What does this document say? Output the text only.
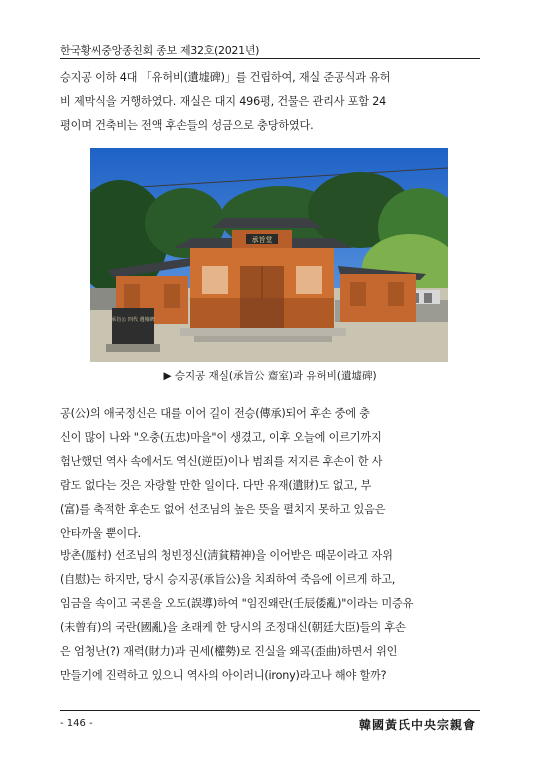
한국황씨중앙종친회 종보 제32호(2021년)

승지공 이하 4대 「유허비(遺墟碑)」를 건립하여, 재실 준공식과 유허
비 제막식을 거행하였다. 재실은 대지 496평, 건물은 관리사 포함 24
평이며 건축비는 전액 후손들의 성금으로 충당하였다.

承旨堂
承旨公 四代 遺墟碑
▶ 승지공 재실(承旨公 齋室)과 유허비(遺墟碑)

공(公)의 애국정신은 대를 이어 길이 전승(傳承)되어 후손 중에 충
신이 많이 나와 "오충(五忠)마을"이 생겼고, 이후 오늘에 이르기까지
험난했던 역사 속에서도 역신(逆臣)이나 범죄를 저지른 후손이 한 사
람도 없다는 것은 자랑할 만한 일이다. 다만 유재(遺財)도 없고, 부
(富)를 축적한 후손도 없어 선조님의 높은 뜻을 펼치지 못하고 있음은
안타까울 뿐이다.

방촌(厖村) 선조님의 청빈정신(淸貧精神)을 이어받은 때문이라고 자위
(自慰)는 하지만, 당시 승지공(承旨公)을 치죄하여 죽음에 이르게 하고,
임금을 속이고 국론을 오도(誤導)하여 "임진왜란(壬辰倭亂)"이라는 미증유
(未曾有)의 국란(國亂)을 초래케 한 당시의 조정대신(朝廷大臣)들의 후손
은 엄청난(?) 재력(財力)과 권세(權勢)로 진실을 왜곡(歪曲)하면서 위인
만들기에 진력하고 있으니 역사의 아이러니(irony)라고나 해야 할까?

- 146 -	韓國黃氏中央宗親會
